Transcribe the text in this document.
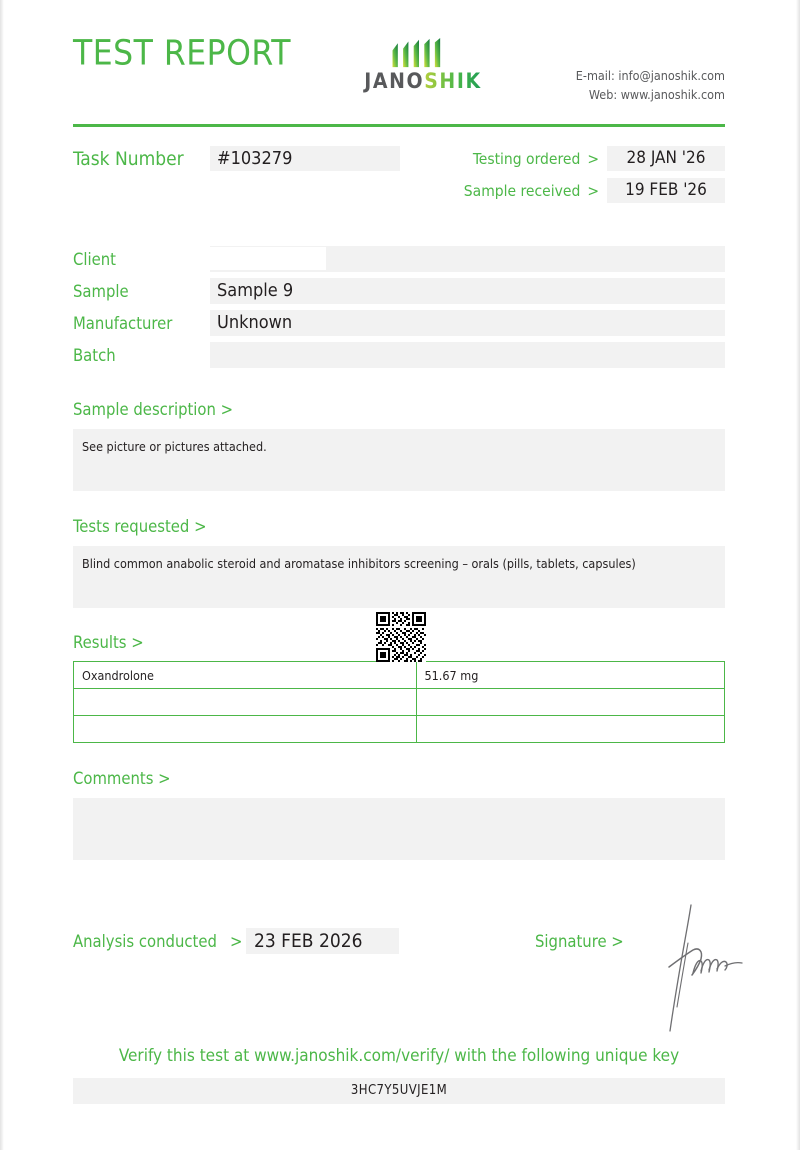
TEST REPORT
JANOSHIK	E-mail: info@janoshik.com
Web: www.janoshik.com
Task Number	#103279	Testing ordered >	28 JAN '26
Sample received >	19 FEB '26
Client
Sample	Sample 9
Manufacturer	Unknown
Batch
Sample description >
See picture or pictures attached.
Tests requested >
Blind common anabolic steroid and aromatase inhibitors screening – orals (pills, tablets, capsules)
Results >
Oxandrolone	51.67 mg

Comments >
Analysis conducted > 23 FEB 2026	Signature >
Verify this test at www.janoshik.com/verify/ with the following unique key
3HC7Y5UVJE1M
